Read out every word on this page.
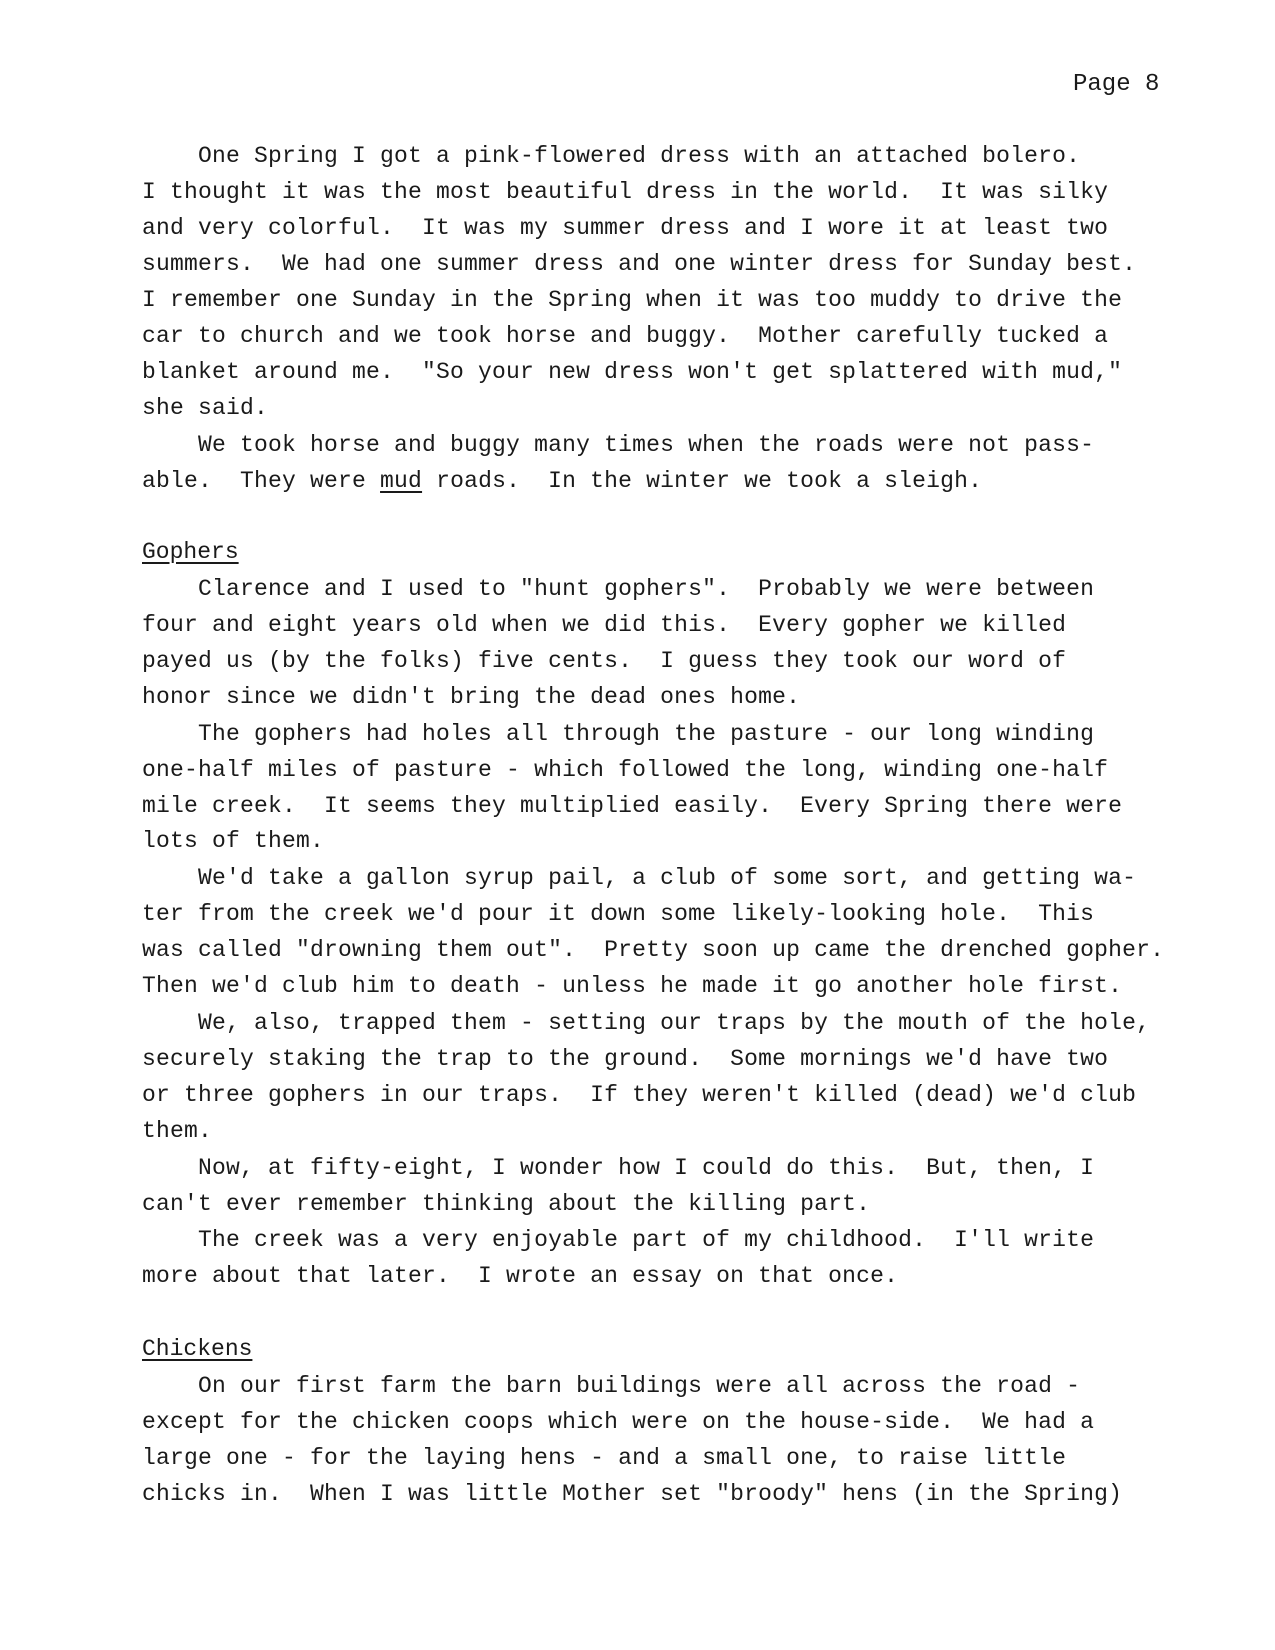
Page 8
One Spring I got a pink-flowered dress with an attached bolero.
I thought it was the most beautiful dress in the world.  It was silky
and very colorful.  It was my summer dress and I wore it at least two
summers.  We had one summer dress and one winter dress for Sunday best.
I remember one Sunday in the Spring when it was too muddy to drive the
car to church and we took horse and buggy.  Mother carefully tucked a
blanket around me.  "So your new dress won't get splattered with mud,"
she said.
We took horse and buggy many times when the roads were not pass-
able.  They were mud roads.  In the winter we took a sleigh.
Gophers
Clarence and I used to "hunt gophers".  Probably we were between
four and eight years old when we did this.  Every gopher we killed
payed us (by the folks) five cents.  I guess they took our word of
honor since we didn't bring the dead ones home.
The gophers had holes all through the pasture - our long winding
one-half miles of pasture - which followed the long, winding one-half
mile creek.  It seems they multiplied easily.  Every Spring there were
lots of them.
We'd take a gallon syrup pail, a club of some sort, and getting wa-
ter from the creek we'd pour it down some likely-looking hole.  This
was called "drowning them out".  Pretty soon up came the drenched gopher.
Then we'd club him to death - unless he made it go another hole first.
We, also, trapped them - setting our traps by the mouth of the hole,
securely staking the trap to the ground.  Some mornings we'd have two
or three gophers in our traps.  If they weren't killed (dead) we'd club
them.
Now, at fifty-eight, I wonder how I could do this.  But, then, I
can't ever remember thinking about the killing part.
The creek was a very enjoyable part of my childhood.  I'll write
more about that later.  I wrote an essay on that once.
Chickens
On our first farm the barn buildings were all across the road -
except for the chicken coops which were on the house-side.  We had a
large one - for the laying hens - and a small one, to raise little
chicks in.  When I was little Mother set "broody" hens (in the Spring)
